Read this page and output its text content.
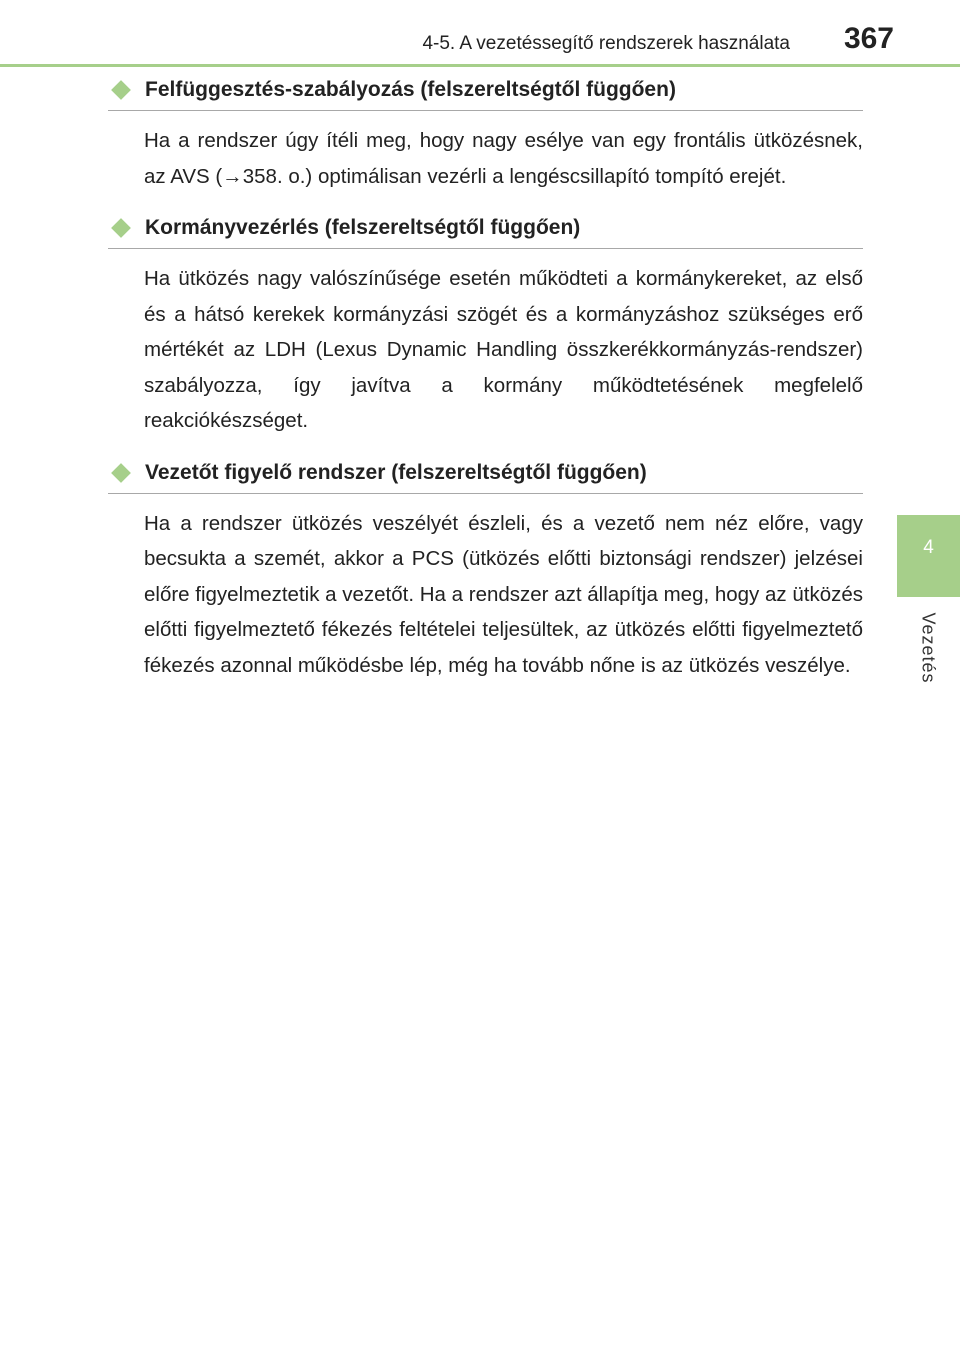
4-5. A vezetéssegítő rendszerek használata 367
4
Vezetés
Felfüggesztés-szabályozás (felszereltségtől függően)

Ha a rendszer úgy ítéli meg, hogy nagy esélye van egy frontális ütközésnek, az AVS (→358. o.) optimálisan vezérli a lengéscsillapító tompító erejét.

Kormányvezérlés (felszereltségtől függően)

Ha ütközés nagy valószínűsége esetén működteti a kormánykereket, az első és a hátsó kerekek kormányzási szögét és a kormányzáshoz szükséges erő mértékét az LDH (Lexus Dynamic Handling összkerékkormányzás-rendszer) szabályozza, így javítva a kormány működtetésének megfelelő reakciókészséget.

Vezetőt figyelő rendszer (felszereltségtől függően)

Ha a rendszer ütközés veszélyét észleli, és a vezető nem néz előre, vagy becsukta a szemét, akkor a PCS (ütközés előtti biztonsági rendszer) jelzései előre figyelmeztetik a vezetőt. Ha a rendszer azt állapítja meg, hogy az ütközés előtti figyelmeztető fékezés feltételei teljesültek, az ütközés előtti figyelmeztető fékezés azonnal működésbe lép, még ha tovább nőne is az ütközés veszélye.
